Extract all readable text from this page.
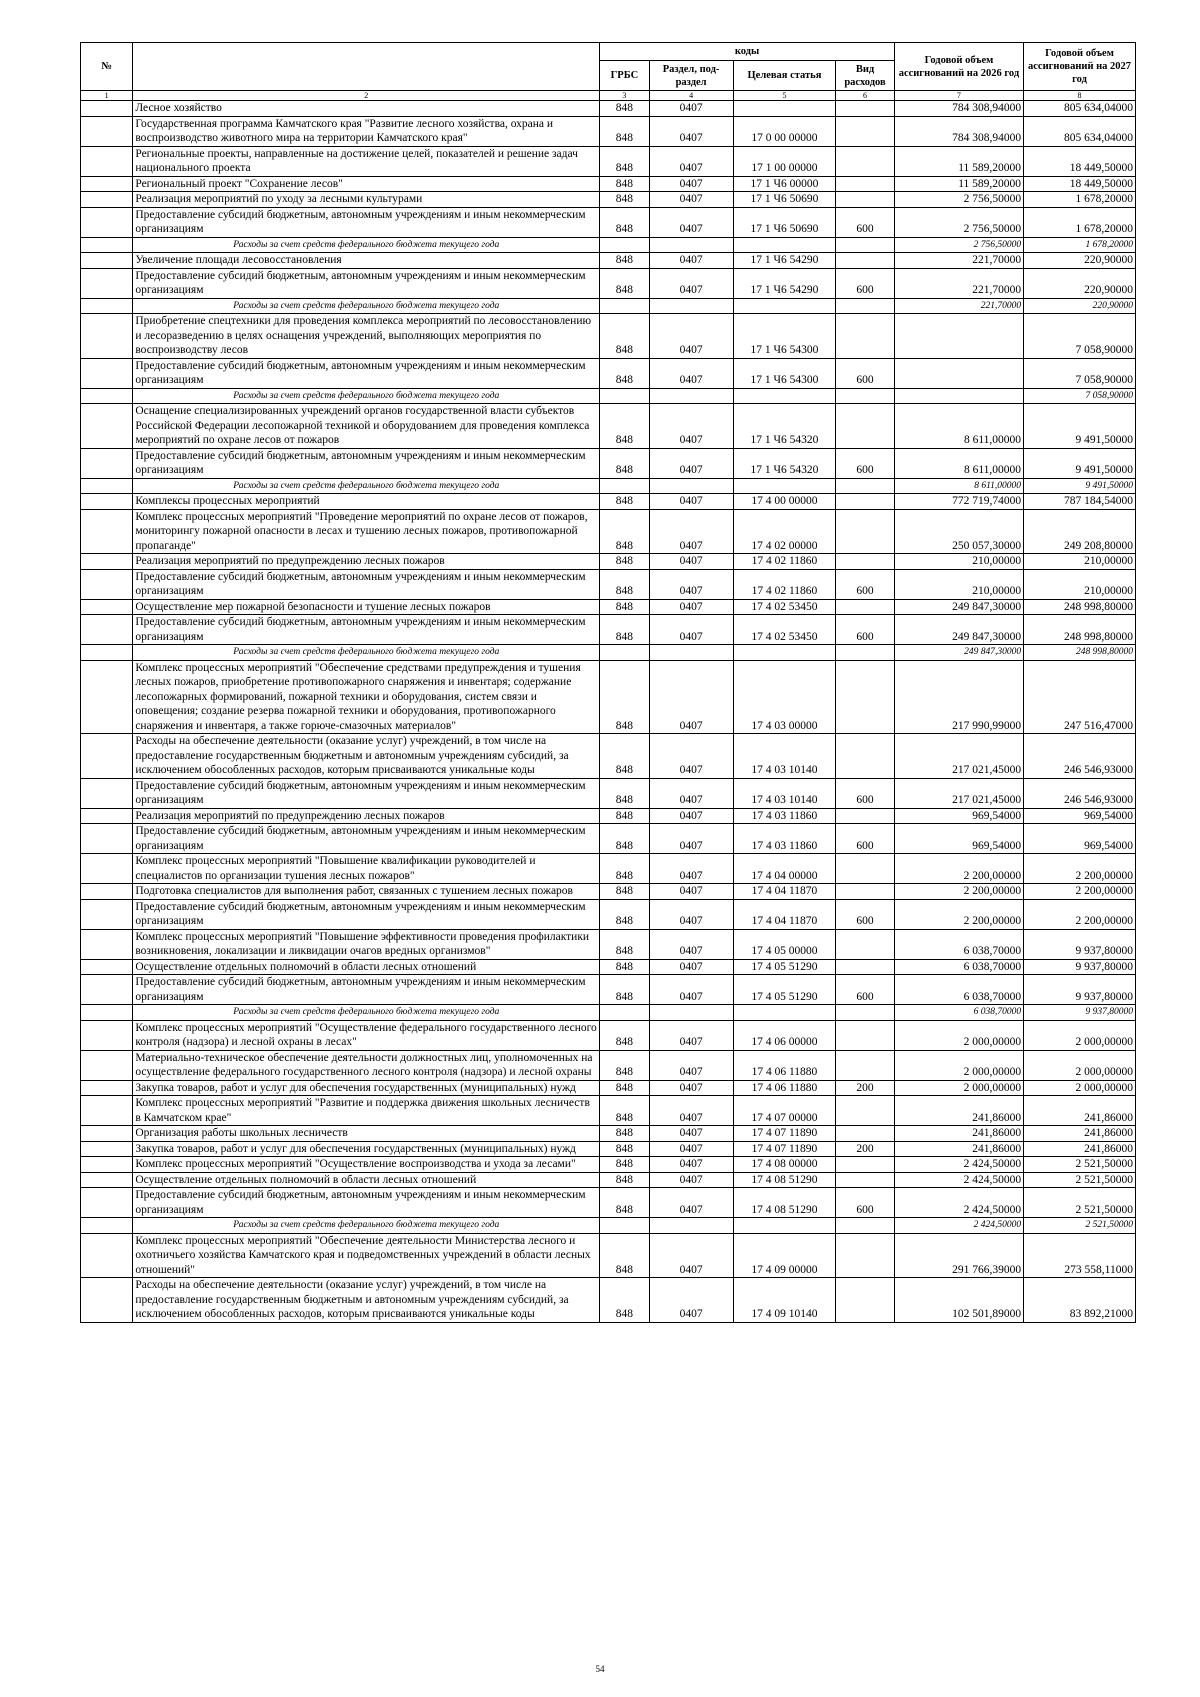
№		коды				Годовой объем ассигнований на 2026 год	Годовой объем ассигнований на 2027 год
		ГРБС	Раздел, под-раздел	Целевая статья	Вид расходов		
1	2	3	4	5	6	7	8
	Лесное хозяйство	848	0407			784 308,94000	805 634,04000
	Государственная программа Камчатского края "Развитие лесного хозяйства, охрана и воспроизводство животного мира на территории Камчатского края"	848	0407	17 0 00 00000		784 308,94000	805 634,04000
	Региональные проекты, направленные на достижение целей, показателей и решение задач национального проекта	848	0407	17 1 00 00000		11 589,20000	18 449,50000
	Региональный проект "Сохранение лесов"	848	0407	17 1 Ч6 00000		11 589,20000	18 449,50000
	Реализация мероприятий по уходу за лесными культурами	848	0407	17 1 Ч6 50690		2 756,50000	1 678,20000
	Предоставление субсидий бюджетным, автономным учреждениям и иным некоммерческим организациям	848	0407	17 1 Ч6 50690	600	2 756,50000	1 678,20000
	Расходы за счет средств федерального бюджета текущего года					2 756,50000	1 678,20000
	Увеличение площади лесовосстановления	848	0407	17 1 Ч6 54290		221,70000	220,90000
	Предоставление субсидий бюджетным, автономным учреждениям и иным некоммерческим организациям	848	0407	17 1 Ч6 54290	600	221,70000	220,90000
	Расходы за счет средств федерального бюджета текущего года					221,70000	220,90000
	Приобретение спецтехники для проведения комплекса мероприятий по лесовосстановлению и лесоразведению в целях оснащения учреждений, выполняющих мероприятия по воспроизводству лесов	848	0407	17 1 Ч6 54300			7 058,90000
	Предоставление субсидий бюджетным, автономным учреждениям и иным некоммерческим организациям	848	0407	17 1 Ч6 54300	600		7 058,90000
	Расходы за счет средств федерального бюджета текущего года						7 058,90000
	Оснащение специализированных учреждений органов государственной власти субъектов Российской Федерации лесопожарной техникой и оборудованием для проведения комплекса мероприятий по охране лесов от пожаров	848	0407	17 1 Ч6 54320		8 611,00000	9 491,50000
	Предоставление субсидий бюджетным, автономным учреждениям и иным некоммерческим организациям	848	0407	17 1 Ч6 54320	600	8 611,00000	9 491,50000
	Расходы за счет средств федерального бюджета текущего года					8 611,00000	9 491,50000
	Комплексы процессных мероприятий	848	0407	17 4 00 00000		772 719,74000	787 184,54000
	Комплекс процессных мероприятий "Проведение мероприятий по охране лесов от пожаров, мониторингу пожарной опасности в лесах и тушению лесных пожаров, противопожарной пропаганде"	848	0407	17 4 02 00000		250 057,30000	249 208,80000
	Реализация мероприятий по предупреждению лесных пожаров	848	0407	17 4 02 11860		210,00000	210,00000
	Предоставление субсидий бюджетным, автономным учреждениям и иным некоммерческим организациям	848	0407	17 4 02 11860	600	210,00000	210,00000
	Осуществление мер пожарной безопасности и тушение лесных пожаров	848	0407	17 4 02 53450		249 847,30000	248 998,80000
	Предоставление субсидий бюджетным, автономным учреждениям и иным некоммерческим организациям	848	0407	17 4 02 53450	600	249 847,30000	248 998,80000
	Расходы за счет средств федерального бюджета текущего года					249 847,30000	248 998,80000
	Комплекс процессных мероприятий "Обеспечение средствами предупреждения и тушения лесных пожаров, приобретение противопожарного снаряжения и инвентаря; содержание лесопожарных формирований, пожарной техники и оборудования, систем связи и оповещения; создание резерва пожарной техники и оборудования, противопожарного снаряжения и инвентаря, а также горюче-смазочных материалов"	848	0407	17 4 03 00000		217 990,99000	247 516,47000
	Расходы на обеспечение деятельности (оказание услуг) учреждений, в том числе на предоставление государственным бюджетным и автономным учреждениям субсидий, за исключением обособленных расходов, которым присваиваются уникальные коды	848	0407	17 4 03 10140		217 021,45000	246 546,93000
	Предоставление субсидий бюджетным, автономным учреждениям и иным некоммерческим организациям	848	0407	17 4 03 10140	600	217 021,45000	246 546,93000
	Реализация мероприятий по предупреждению лесных пожаров	848	0407	17 4 03 11860		969,54000	969,54000
	Предоставление субсидий бюджетным, автономным учреждениям и иным некоммерческим организациям	848	0407	17 4 03 11860	600	969,54000	969,54000
	Комплекс процессных мероприятий "Повышение квалификации руководителей и специалистов по организации тушения лесных пожаров"	848	0407	17 4 04 00000		2 200,00000	2 200,00000
	Подготовка специалистов для выполнения работ, связанных с тушением лесных пожаров	848	0407	17 4 04 11870		2 200,00000	2 200,00000
	Предоставление субсидий бюджетным, автономным учреждениям и иным некоммерческим организациям	848	0407	17 4 04 11870	600	2 200,00000	2 200,00000
	Комплекс процессных мероприятий "Повышение эффективности проведения профилактики возникновения, локализации и ликвидации очагов вредных организмов"	848	0407	17 4 05 00000		6 038,70000	9 937,80000
	Осуществление отдельных полномочий в области лесных отношений	848	0407	17 4 05 51290		6 038,70000	9 937,80000
	Предоставление субсидий бюджетным, автономным учреждениям и иным некоммерческим организациям	848	0407	17 4 05 51290	600	6 038,70000	9 937,80000
	Расходы за счет средств федерального бюджета текущего года					6 038,70000	9 937,80000
	Комплекс процессных мероприятий "Осуществление федерального государственного лесного контроля (надзора) и лесной охраны в лесах"	848	0407	17 4 06 00000		2 000,00000	2 000,00000
	Материально-техническое обеспечение деятельности должностных лиц, уполномоченных на осуществление федерального государственного лесного контроля (надзора) и лесной охраны	848	0407	17 4 06 11880		2 000,00000	2 000,00000
	Закупка товаров, работ и услуг для обеспечения государственных (муниципальных) нужд	848	0407	17 4 06 11880	200	2 000,00000	2 000,00000
	Комплекс процессных мероприятий "Развитие и поддержка движения школьных лесничеств в Камчатском крае"	848	0407	17 4 07 00000		241,86000	241,86000
	Организация работы школьных лесничеств	848	0407	17 4 07 11890		241,86000	241,86000
	Закупка товаров, работ и услуг для обеспечения государственных (муниципальных) нужд	848	0407	17 4 07 11890	200	241,86000	241,86000
	Комплекс процессных мероприятий "Осуществление воспроизводства и ухода за лесами"	848	0407	17 4 08 00000		2 424,50000	2 521,50000
	Осуществление отдельных полномочий в области лесных отношений	848	0407	17 4 08 51290		2 424,50000	2 521,50000
	Предоставление субсидий бюджетным, автономным учреждениям и иным некоммерческим организациям	848	0407	17 4 08 51290	600	2 424,50000	2 521,50000
	Расходы за счет средств федерального бюджета текущего года					2 424,50000	2 521,50000
	Комплекс процессных мероприятий "Обеспечение деятельности Министерства лесного и охотничьего хозяйства Камчатского края и подведомственных учреждений в области лесных отношений"	848	0407	17 4 09 00000		291 766,39000	273 558,11000
	Расходы на обеспечение деятельности (оказание услуг) учреждений, в том числе на предоставление государственным бюджетным и автономным учреждениям субсидий, за исключением обособленных расходов, которым присваиваются уникальные коды	848	0407	17 4 09 10140		102 501,89000	83 892,21000
54
